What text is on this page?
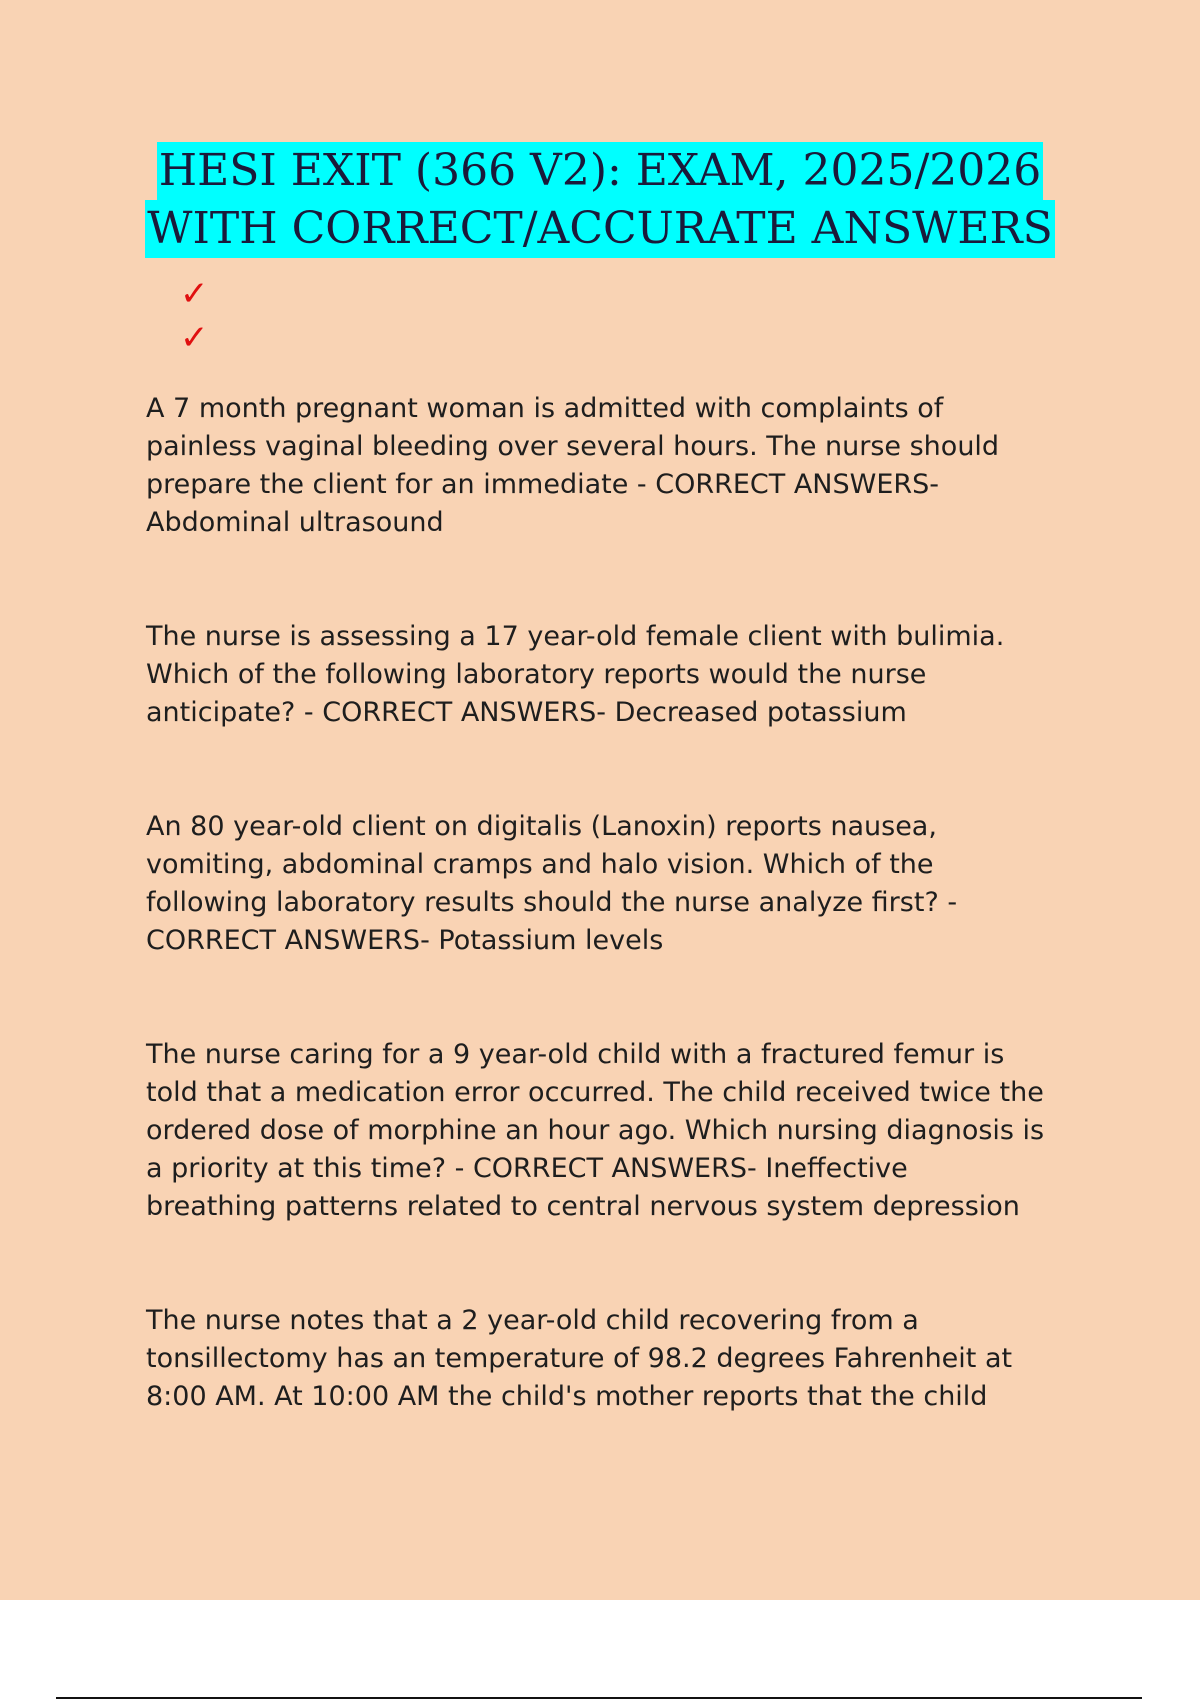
HESI EXIT (366 V2): EXAM, 2025/2026
WITH CORRECT/ACCURATE ANSWERS
✓
✓

A 7 month pregnant woman is admitted with complaints of
painless vaginal bleeding over several hours. The nurse should
prepare the client for an immediate - CORRECT ANSWERS-
Abdominal ultrasound

The nurse is assessing a 17 year-old female client with bulimia.
Which of the following laboratory reports would the nurse
anticipate? - CORRECT ANSWERS- Decreased potassium

An 80 year-old client on digitalis (Lanoxin) reports nausea,
vomiting, abdominal cramps and halo vision. Which of the
following laboratory results should the nurse analyze first? -
CORRECT ANSWERS- Potassium levels

The nurse caring for a 9 year-old child with a fractured femur is
told that a medication error occurred. The child received twice the
ordered dose of morphine an hour ago. Which nursing diagnosis is
a priority at this time? - CORRECT ANSWERS- Ineffective
breathing patterns related to central nervous system depression

The nurse notes that a 2 year-old child recovering from a
tonsillectomy has an temperature of 98.2 degrees Fahrenheit at
8:00 AM. At 10:00 AM the child's mother reports that the child
